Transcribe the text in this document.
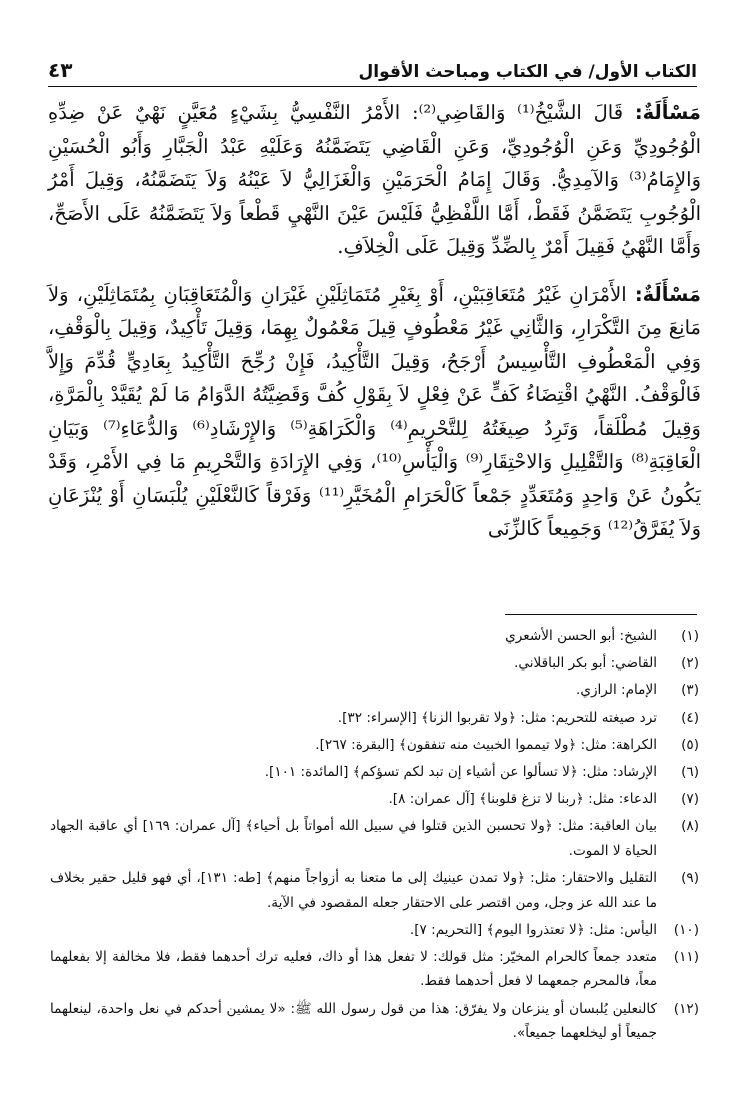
الكتاب الأول/ في الكتاب ومباحث الأقوال
٤٣

مَسْأَلَةٌ: قَالَ الشَّيْخُ⁽¹⁾ وَالقَاضِي⁽²⁾: الأَمْرُ النَّفْسِيُّ بِشَيْءٍ مُعَيَّنٍ نَهْيٌ عَنْ ضِدِّهِ الْوُجُودِيِّ وَعَنِ الْوُجُودِيِّ، وَعَنِ الْقَاضِي يَتَضَمَّنُهُ وَعَلَيْهِ عَبْدُ الْجَبَّارِ وَأَبُو الْحُسَيْنِ وَالإِمَامُ⁽³⁾ وَالآمِدِيُّ. وَقَالَ إِمَامُ الْحَرَمَيْنِ وَالْغَزَالِيُّ لاَ عَيْنُهُ وَلاَ يَتَضَمَّنُهُ، وَقِيلَ أَمْرُ الْوُجُوبِ يَتَضَمَّنُ فَقَطْ، أَمَّا اللَّفْظِيُّ فَلَيْسَ عَيْنَ النَّهْيِ قَطْعاً وَلاَ يَتَضَمَّنُهُ عَلَى الأَصَحِّ، وَأَمَّا النَّهْيُ فَقِيلَ أَمْرٌ بِالضِّدِّ وَقِيلَ عَلَى الْخِلاَفِ.

مَسْأَلَةٌ: الأَمْرَانِ غَيْرُ مُتَعَاقِبَيْنِ، أَوْ بِغَيْرِ مُتَمَاثِلَيْنِ غَيْرَانِ وَالْمُتَعَاقِبَانِ بِمُتَمَاثِلَيْنِ، وَلاَ مَانِعَ مِنَ التَّكْرَارِ، وَالثَّانِي غَيْرُ مَعْطُوفٍ قِيلَ مَعْمُولٌ بِهِمَا، وَقِيلَ تَأْكِيدٌ، وَقِيلَ بِالْوَقْفِ، وَفِي الْمَعْطُوفِ التَّأْسِيسُ أَرْجَحُ، وَقِيلَ التَّأْكِيدُ، فَإِنْ رُجِّحَ التَّأْكِيدُ بِعَادِيٍّ قُدِّمَ وَإِلاَّ فَالْوَقْفُ. النَّهْيُ اقْتِضَاءُ كَفٍّ عَنْ فِعْلٍ لاَ بِقَوْلِ كُفَّ وَقَضِيَّتُهُ الدَّوَامُ مَا لَمْ يُقَيَّدْ بِالْمَرَّةِ، وَقِيلَ مُطْلَقاً، وَتَرِدُ صِيغَتُهُ لِلتَّحْرِيمِ⁽⁴⁾ وَالْكَرَاهَةِ⁽⁵⁾ وَالإِرْشَادِ⁽⁶⁾ وَالدُّعَاءِ⁽⁷⁾ وَبَيَانِ الْعَاقِبَةِ⁽⁸⁾ وَالتَّقْلِيلِ وَالاحْتِقَارِ⁽⁹⁾ وَالْيَأْسِ⁽¹⁰⁾، وَفِي الإِرَادَةِ وَالتَّحْرِيمِ مَا فِي الأَمْرِ، وَقَدْ يَكُونُ عَنْ وَاحِدٍ وَمُتَعَدِّدٍ جَمْعاً كَالْحَرَامِ الْمُخَيَّرِ⁽¹¹⁾ وَفَرْقاً كَالنَّعْلَيْنِ يُلْبَسَانِ أَوْ يُنْزَعَانِ وَلاَ يُفَرَّقُ⁽¹²⁾ وَجَمِيعاً كَالزِّنَى

(١)
الشيخ: أبو الحسن الأشعري
(٢)
القاضي: أبو بكر الباقلاني.
(٣)
الإمام: الرازي.
(٤)
ترد صيغته للتحريم: مثل: ﴿ولا تقربوا الزنا﴾ [الإسراء: ٣٢].
(٥)
الكراهة: مثل: ﴿ولا تيمموا الخبيث منه تنفقون﴾ [البقرة: ٢٦٧].
(٦)
الإرشاد: مثل: ﴿لا تسألوا عن أشياء إن تبد لكم تسؤكم﴾ [المائدة: ١٠١].
(٧)
الدعاء: مثل: ﴿ربنا لا تزغ قلوبنا﴾ [آل عمران: ٨].
(٨)
بيان العاقبة: مثل: ﴿ولا تحسبن الذين قتلوا في سبيل الله أمواتاً بل أحياء﴾ [آل عمران: ١٦٩] أي عاقبة الجهاد الحياة لا الموت.
(٩)
التقليل والاحتقار: مثل: ﴿ولا تمدن عينيك إلى ما متعنا به أزواجاً منهم﴾ [طه: ١٣١]، أي فهو قليل حقير بخلاف ما عند الله عز وجل، ومن اقتصر على الاحتقار جعله المقصود في الآية.
(١٠)
اليأس: مثل: ﴿لا تعتذروا اليوم﴾ [التحريم: ٧].
(١١)
متعدد جمعاً كالحرام المخيّر: مثل قولك: لا تفعل هذا أو ذاك، فعليه ترك أحدهما فقط، فلا مخالفة إلا بفعلهما معاً، فالمحرم جمعهما لا فعل أحدهما فقط.
(١٢)
كالنعلين يُلبسان أو ينزعان ولا يفرّق: هذا من قول رسول الله ﷺ: «لا يمشين أحدكم في نعل واحدة، لينعلهما جميعاً أو ليخلعهما جميعاً».
